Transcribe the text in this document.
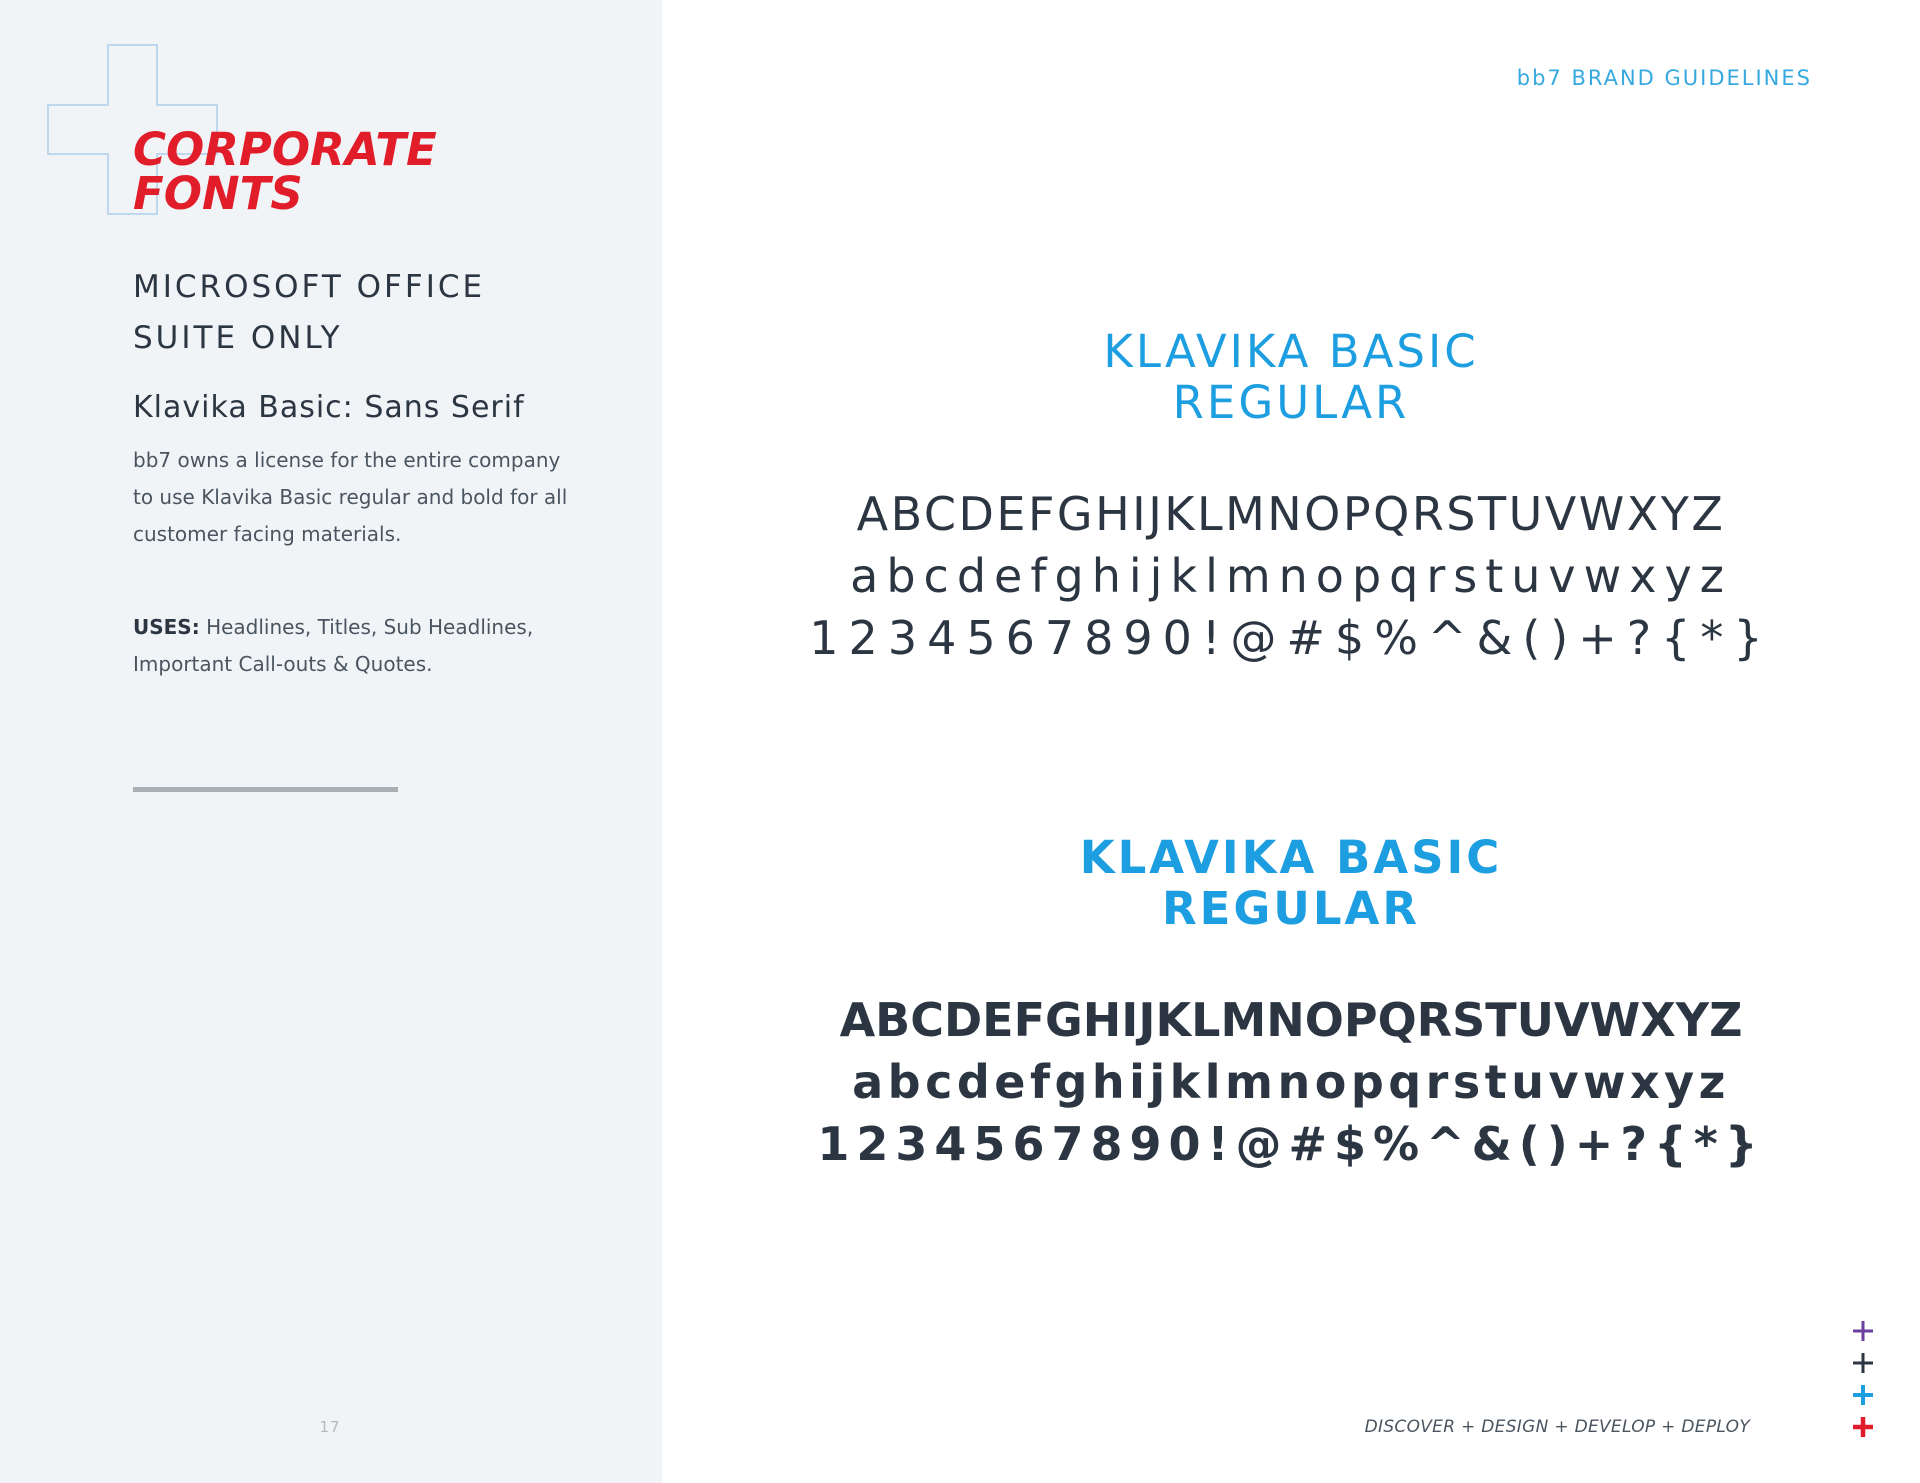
CORPORATE
FONTS
MICROSOFT OFFICE
SUITE ONLY
Klavika Basic: Sans Serif

bb7 owns a license for the entire company to use Klavika Basic regular and bold for all customer facing materials.

USES: Headlines, Titles, Sub Headlines, Important Call-outs & Quotes.

17
bb7 BRAND GUIDELINES
KLAVIKA BASIC
REGULAR

ABCDEFGHIJKLMNOPQRSTUVWXYZ

abcdefghijklmnopqrstuvwxyz

1234567890!@#$%^&()+?{*}

KLAVIKA BASIC
REGULAR

ABCDEFGHIJKLMNOPQRSTUVWXYZ

abcdefghijklmnopqrstuvwxyz

1234567890!@#$%^&()+?{*}

DISCOVER + DESIGN + DEVELOP + DEPLOY
